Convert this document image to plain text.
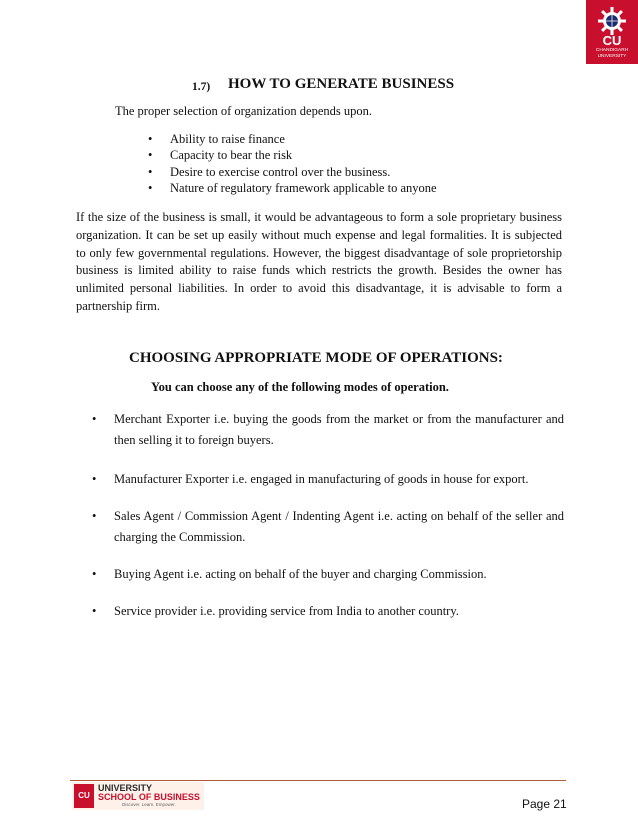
CU
CHANDIGARH
UNIVERSITY
1.7) HOW TO GENERATE BUSINESS

The proper selection of organization depends upon.

• Ability to raise finance
• Capacity to bear the risk
• Desire to exercise control over the business.
• Nature of regulatory framework applicable to anyone

If the size of the business is small, it would be advantageous to form a sole proprietary business organization. It can be set up easily without much expense and legal formalities. It is subjected to only few governmental regulations. However, the biggest disadvantage of sole proprietorship business is limited ability to raise funds which restricts the growth. Besides the owner has unlimited personal liabilities. In order to avoid this disadvantage, it is advisable to form a partnership firm.

CHOOSING APPROPRIATE MODE OF OPERATIONS:

You can choose any of the following modes of operation.

• Merchant Exporter i.e. buying the goods from the market or from the manufacturer and then selling it to foreign buyers.
• Manufacturer Exporter i.e. engaged in manufacturing of goods in house for export.
• Sales Agent / Commission Agent / Indenting Agent i.e. acting on behalf of the seller and charging the Commission.
• Buying Agent i.e. acting on behalf of the buyer and charging Commission.
• Service provider i.e. providing service from India to another country.
CU
UNIVERSITY
SCHOOL OF BUSINESS
Discover. Learn. Empower.	Page 21
